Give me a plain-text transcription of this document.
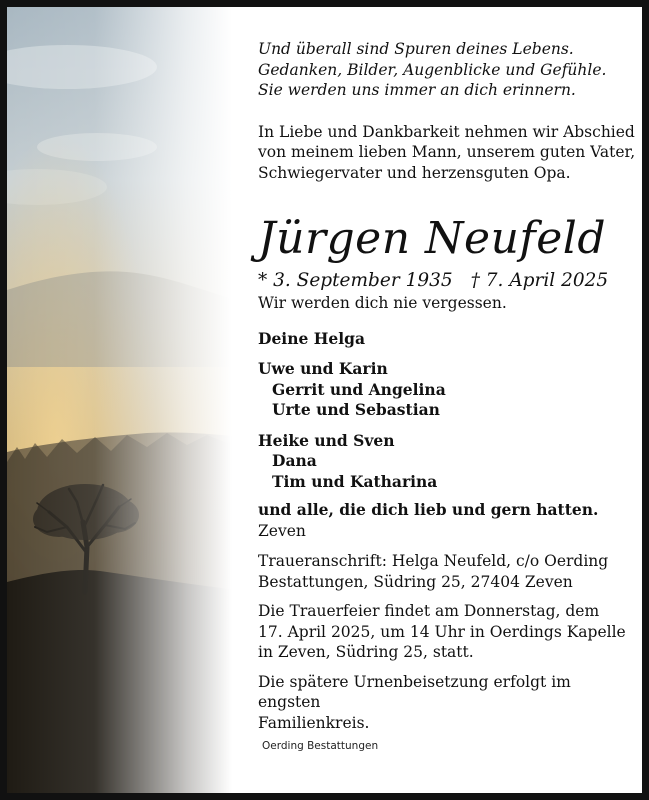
Und überall sind Spuren deines Lebens.

Gedanken, Bilder, Augenblicke und Gefühle.

Sie werden uns immer an dich erinnern.

In Liebe und Dankbarkeit nehmen wir Abschied

von meinem lieben Mann, unserem guten Vater,

Schwiegervater und herzensguten Opa.

Jürgen Neufeld
* 3. September 1935 † 7. April 2025

Wir werden dich nie vergessen.

Deine Helga

Uwe und Karin

Gerrit und Angelina

Urte und Sebastian

Heike und Sven

Dana

Tim und Katharina

und alle, die dich lieb und gern hatten.

Zeven

Traueranschrift: Helga Neufeld, c/o Oerding

Bestattungen, Südring 25, 27404 Zeven

Die Trauerfeier findet am Donnerstag, dem

17. April 2025, um 14 Uhr in Oerdings Kapelle

in Zeven, Südring 25, statt.

Die spätere Urnenbeisetzung erfolgt im engsten

Familienkreis.

Oerding Bestattungen
